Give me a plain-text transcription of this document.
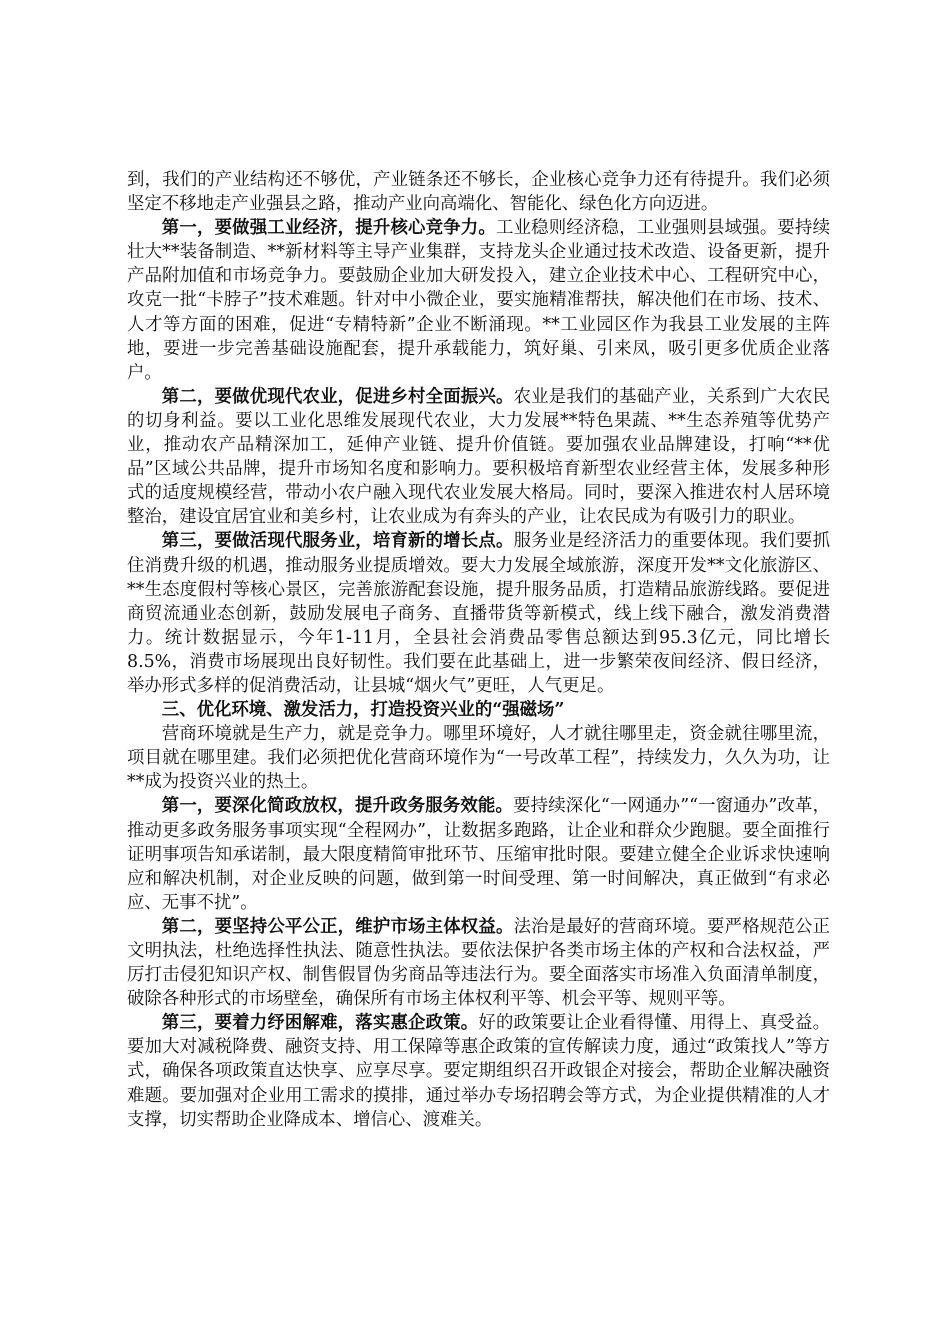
到，我们的产业结构还不够优，产业链条还不够长，企业核心竞争力还有待提升。我们必须坚定不移地走产业强县之路，推动产业向高端化、智能化、绿色化方向迈进。

第一，要做强工业经济，提升核心竞争力。工业稳则经济稳，工业强则县域强。要持续壮大**装备制造、**新材料等主导产业集群，支持龙头企业通过技术改造、设备更新，提升产品附加值和市场竞争力。要鼓励企业加大研发投入，建立企业技术中心、工程研究中心，攻克一批“卡脖子”技术难题。针对中小微企业，要实施精准帮扶，解决他们在市场、技术、人才等方面的困难，促进“专精特新”企业不断涌现。**工业园区作为我县工业发展的主阵地，要进一步完善基础设施配套，提升承载能力，筑好巢、引来凤，吸引更多优质企业落户。

第二，要做优现代农业，促进乡村全面振兴。农业是我们的基础产业，关系到广大农民的切身利益。要以工业化思维发展现代农业，大力发展**特色果蔬、**生态养殖等优势产业，推动农产品精深加工，延伸产业链、提升价值链。要加强农业品牌建设，打响“**优品”区域公共品牌，提升市场知名度和影响力。要积极培育新型农业经营主体，发展多种形式的适度规模经营，带动小农户融入现代农业发展大格局。同时，要深入推进农村人居环境整治，建设宜居宜业和美乡村，让农业成为有奔头的产业，让农民成为有吸引力的职业。

第三，要做活现代服务业，培育新的增长点。服务业是经济活力的重要体现。我们要抓住消费升级的机遇，推动服务业提质增效。要大力发展全域旅游，深度开发**文化旅游区、**生态度假村等核心景区，完善旅游配套设施，提升服务品质，打造精品旅游线路。要促进商贸流通业态创新，鼓励发展电子商务、直播带货等新模式，线上线下融合，激发消费潜力。统计数据显示，今年1-11月，全县社会消费品零售总额达到95.3亿元，同比增长8.5%，消费市场展现出良好韧性。我们要在此基础上，进一步繁荣夜间经济、假日经济，举办形式多样的促消费活动，让县城“烟火气”更旺，人气更足。

三、优化环境、激发活力，打造投资兴业的“强磁场”

营商环境就是生产力，就是竞争力。哪里环境好，人才就往哪里走，资金就往哪里流，项目就在哪里建。我们必须把优化营商环境作为“一号改革工程”，持续发力，久久为功，让**成为投资兴业的热土。

第一，要深化简政放权，提升政务服务效能。要持续深化“一网通办”“一窗通办”改革，推动更多政务服务事项实现“全程网办”，让数据多跑路，让企业和群众少跑腿。要全面推行证明事项告知承诺制，最大限度精简审批环节、压缩审批时限。要建立健全企业诉求快速响应和解决机制，对企业反映的问题，做到第一时间受理、第一时间解决，真正做到“有求必应、无事不扰”。

第二，要坚持公平公正，维护市场主体权益。法治是最好的营商环境。要严格规范公正文明执法，杜绝选择性执法、随意性执法。要依法保护各类市场主体的产权和合法权益，严厉打击侵犯知识产权、制售假冒伪劣商品等违法行为。要全面落实市场准入负面清单制度，破除各种形式的市场壁垒，确保所有市场主体权利平等、机会平等、规则平等。

第三，要着力纾困解难，落实惠企政策。好的政策要让企业看得懂、用得上、真受益。要加大对减税降费、融资支持、用工保障等惠企政策的宣传解读力度，通过“政策找人”等方式，确保各项政策直达快享、应享尽享。要定期组织召开政银企对接会，帮助企业解决融资难题。要加强对企业用工需求的摸排，通过举办专场招聘会等方式，为企业提供精准的人才支撑，切实帮助企业降成本、增信心、渡难关。
